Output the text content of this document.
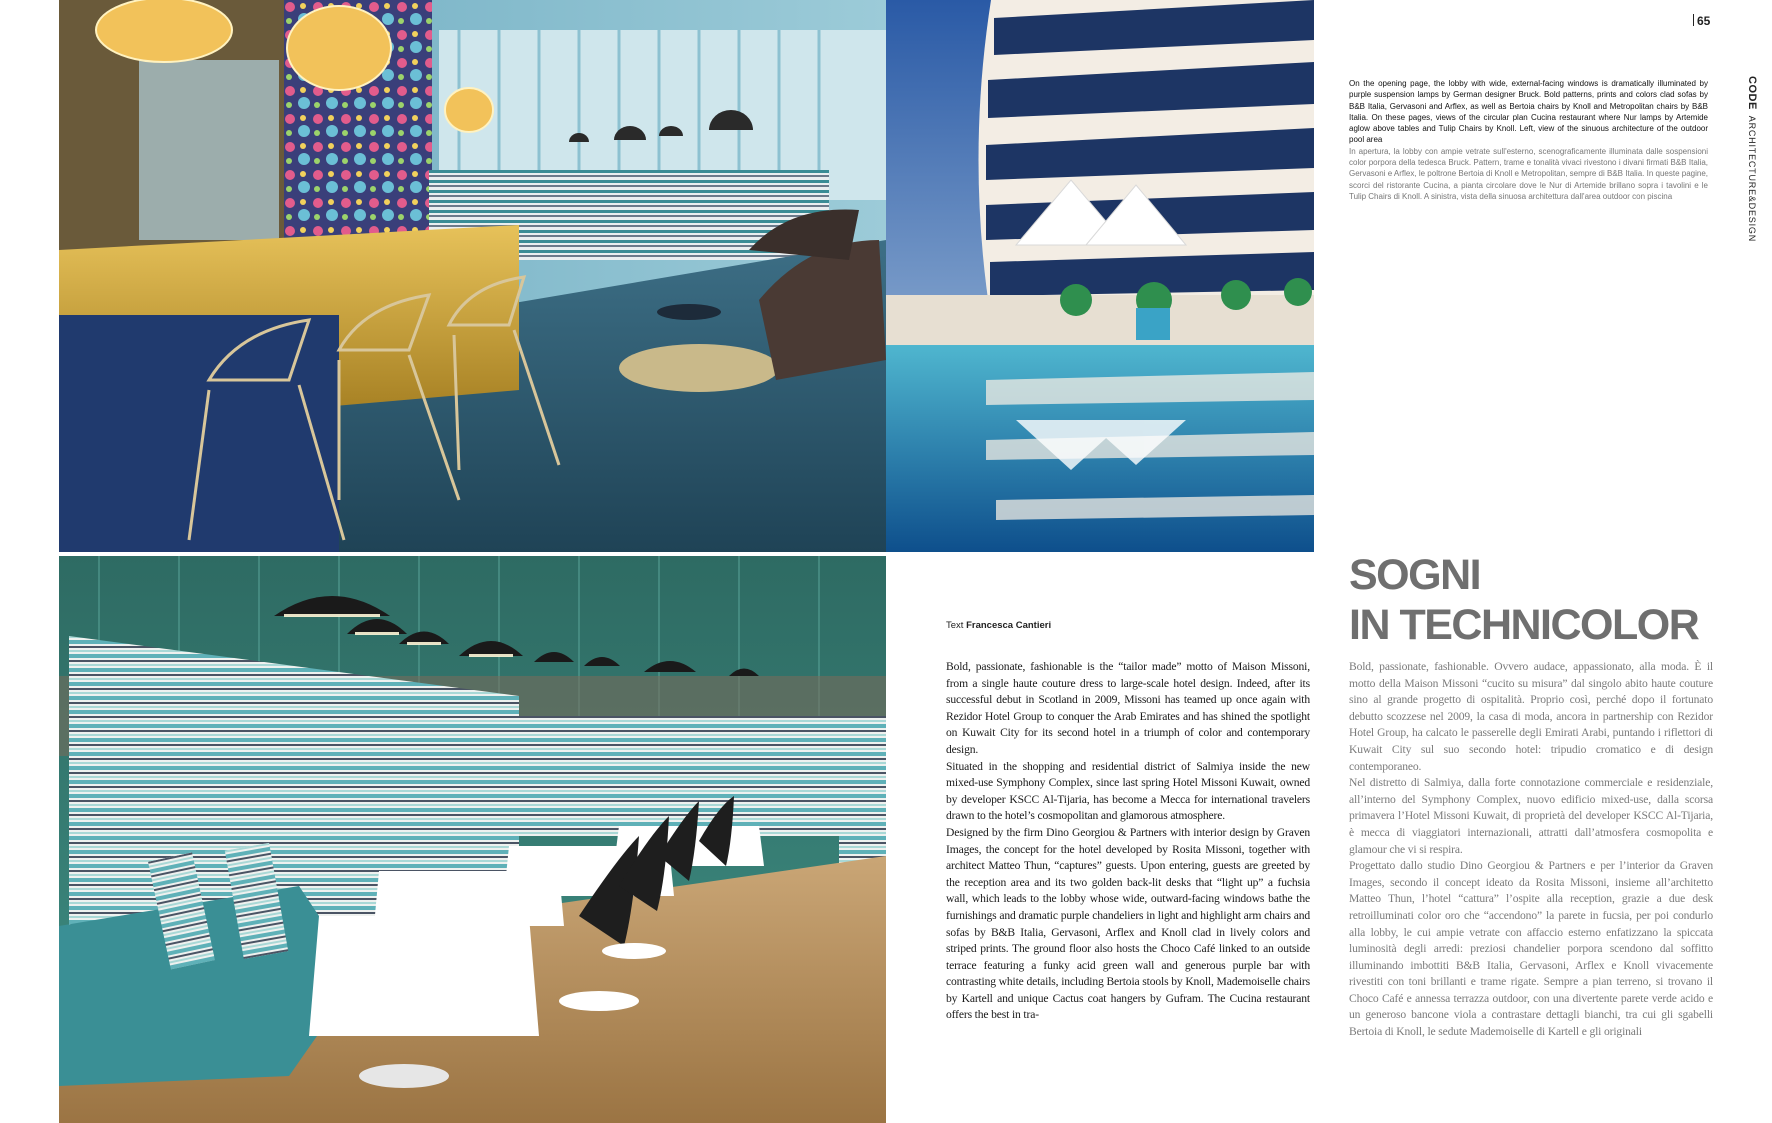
65
CODEARCHITECTURE&DESIGN

On the opening page, the lobby with wide, external-facing windows is dramatically illuminated by purple suspension lamps by German designer Bruck. Bold patterns, prints and colors clad sofas by B&B Italia, Gervasoni and Arflex, as well as Bertoia chairs by Knoll and Metropolitan chairs by B&B Italia. On these pages, views of the circular plan Cucina restaurant where Nur lamps by Artemide aglow above tables and Tulip Chairs by Knoll. Left, view of the sinuous architecture of the outdoor pool area

In apertura, la lobby con ampie vetrate sull'esterno, scenograficamente illuminata dalle sospensioni color porpora della tedesca Bruck. Pattern, trame e tonalità vivaci rivestono i divani firmati B&B Italia, Gervasoni e Arflex, le poltrone Bertoia di Knoll e Metropolitan, sempre di B&B Italia. In queste pagine, scorci del ristorante Cucina, a pianta circolare dove le Nur di Artemide brillano sopra i tavolini e le Tulip Chairs di Knoll. A sinistra, vista della sinuosa architettura dall'area outdoor con piscina

SOGNI
IN TECHNICOLOR
Text Francesca Cantieri

Bold, passionate, fashionable is the “tailor made” motto of Maison Missoni, from a single haute couture dress to large-scale hotel design. Indeed, after its successful debut in Scotland in 2009, Missoni has teamed up once again with Rezidor Hotel Group to conquer the Arab Emirates and has shined the spotlight on Kuwait City for its second hotel in a triumph of color and contemporary design.

Situated in the shopping and residential district of Salmiya inside the new mixed-use Symphony Complex, since last spring Hotel Missoni Kuwait, owned by developer KSCC Al-Tijaria, has become a Mecca for international travelers drawn to the hotel’s cosmopolitan and glamorous atmosphere.

Designed by the firm Dino Georgiou & Partners with interior design by Graven Images, the concept for the hotel developed by Rosita Missoni, together with architect Matteo Thun, “captures” guests. Upon entering, guests are greeted by the reception area and its two golden back-lit desks that “light up” a fuchsia wall, which leads to the lobby whose wide, outward-facing windows bathe the furnishings and dramatic purple chandeliers in light and highlight arm chairs and sofas by B&B Italia, Gervasoni, Arflex and Knoll clad in lively colors and striped prints. The ground floor also hosts the Choco Café linked to an outside terrace featuring a funky acid green wall and generous purple bar with contrasting white details, including Bertoia stools by Knoll, Mademoiselle chairs by Kartell and unique Cactus coat hangers by Gufram. The Cucina restaurant offers the best in tra-

Bold, passionate, fashionable. Ovvero audace, appassionato, alla moda. È il motto della Maison Missoni “cucito su misura” dal singolo abito haute couture sino al grande progetto di ospitalità. Proprio così, perché dopo il fortunato debutto scozzese nel 2009, la casa di moda, ancora in partnership con Rezidor Hotel Group, ha calcato le passerelle degli Emirati Arabi, puntando i riflettori di Kuwait City sul suo secondo hotel: tripudio cromatico e di design contemporaneo.

Nel distretto di Salmiya, dalla forte connotazione commerciale e residenziale, all’interno del Symphony Complex, nuovo edificio mixed-use, dalla scorsa primavera l’Hotel Missoni Kuwait, di proprietà del developer KSCC Al-Tijaria, è mecca di viaggiatori internazionali, attratti dall’atmosfera cosmopolita e glamour che vi si respira.

Progettato dallo studio Dino Georgiou & Partners e per l’interior da Graven Images, secondo il concept ideato da Rosita Missoni, insieme all’architetto Matteo Thun, l’hotel “cattura” l’ospite alla reception, grazie a due desk retroilluminati color oro che “accendono” la parete in fucsia, per poi condurlo alla lobby, le cui ampie vetrate con affaccio esterno enfatizzano la spiccata luminosità degli arredi: preziosi chandelier porpora scendono dal soffitto illuminando imbottiti B&B Italia, Gervasoni, Arflex e Knoll vivacemente rivestiti con toni brillanti e trame rigate. Sempre a pian terreno, si trovano il Choco Café e annessa terrazza outdoor, con una divertente parete verde acido e un generoso bancone viola a contrastare dettagli bianchi, tra cui gli sgabelli Bertoia di Knoll, le sedute Mademoiselle di Kartell e gli originali
